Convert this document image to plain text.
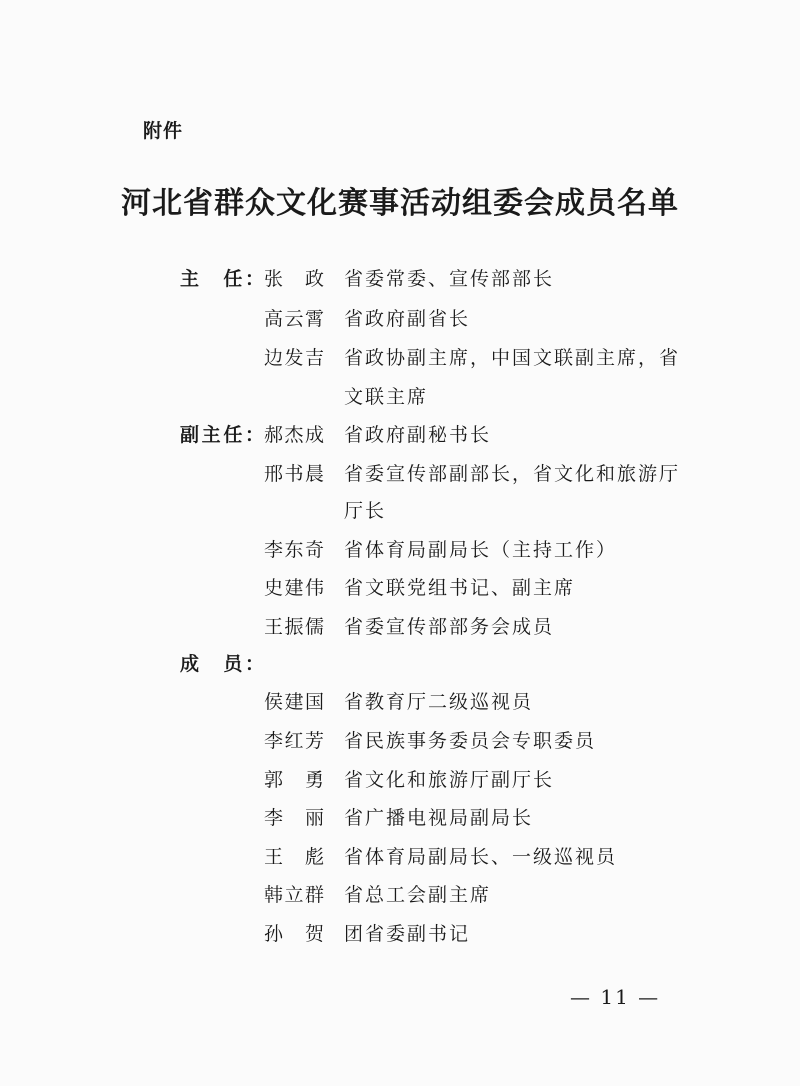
附件
河北省群众文化赛事活动组委会成员名单
主　任： 张　政 省委常委、宣传部部长
高云霄 省政府副省长
边发吉 省政协副主席，中国文联副主席，省
文联主席
副主任： 郝杰成 省政府副秘书长
邢书晨 省委宣传部副部长，省文化和旅游厅
厅长
李东奇 省体育局副局长（主持工作）
史建伟 省文联党组书记、副主席
王振儒 省委宣传部部务会成员
成　员：
侯建国 省教育厅二级巡视员
李红芳 省民族事务委员会专职委员
郭　勇 省文化和旅游厅副厅长
李　丽 省广播电视局副局长
王　彪 省体育局副局长、一级巡视员
韩立群 省总工会副主席
孙　贺 团省委副书记
— 11 —
